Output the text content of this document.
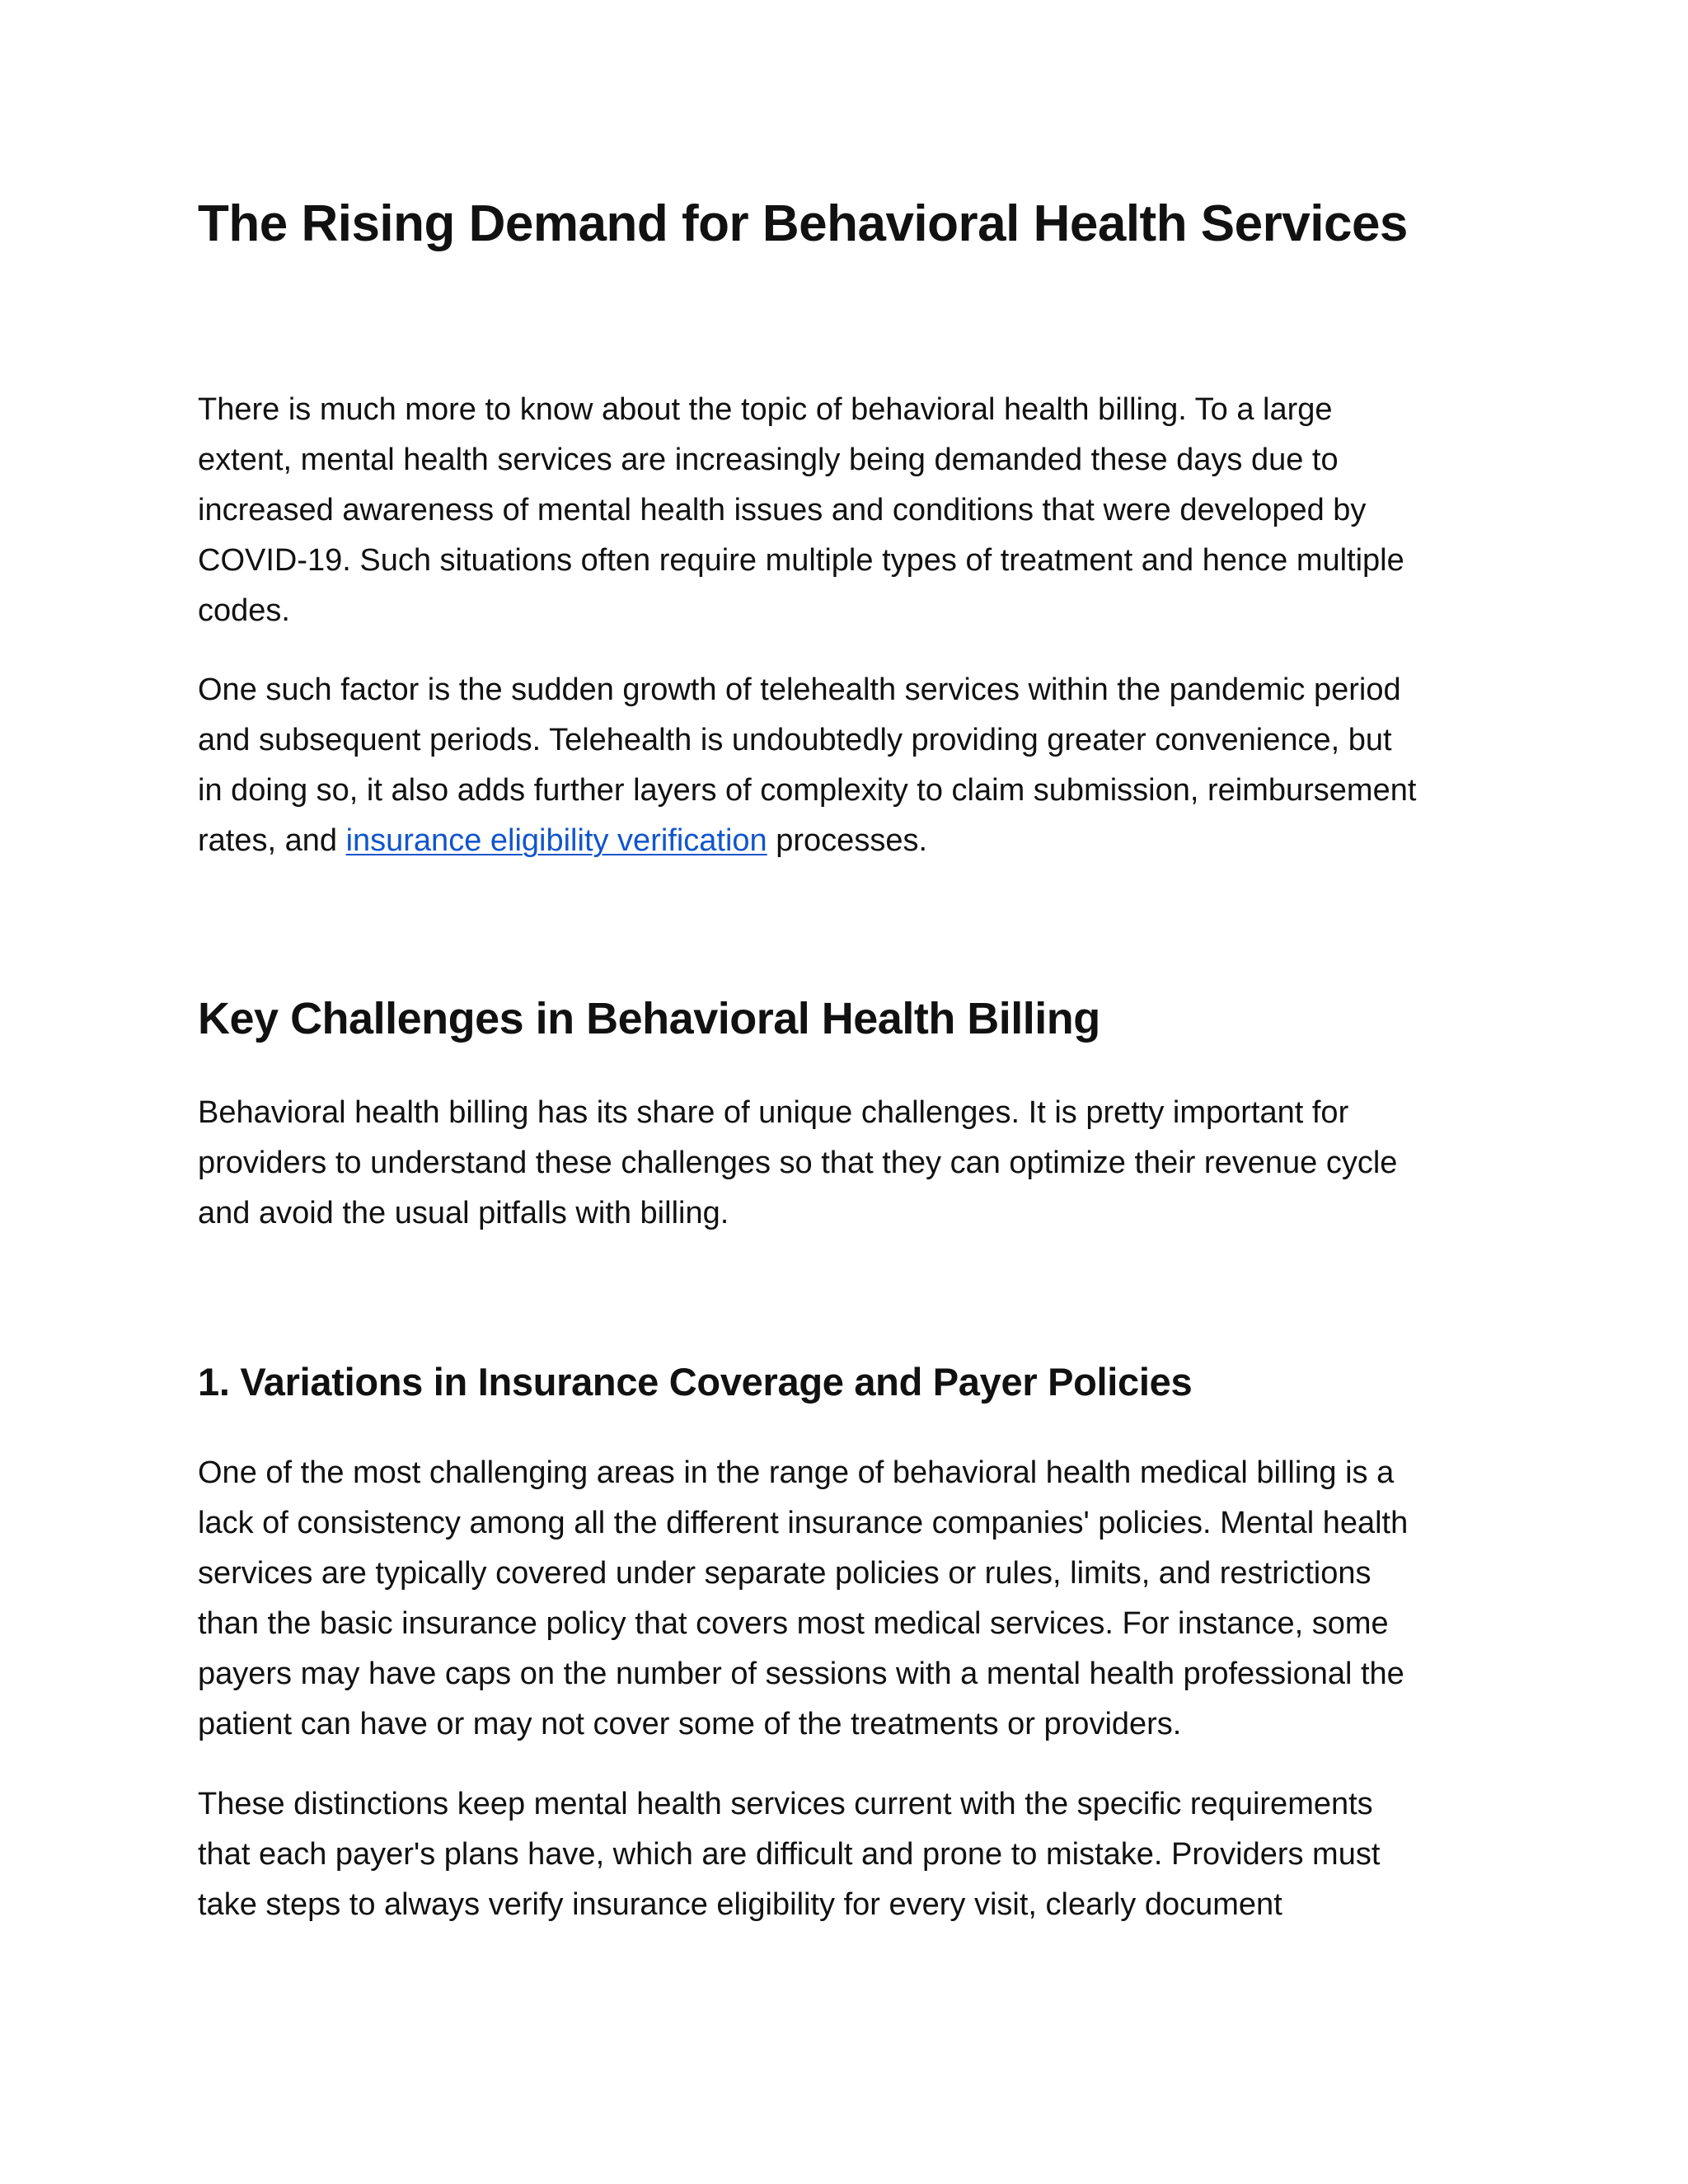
The Rising Demand for Behavioral Health Services
There is much more to know about the topic of behavioral health billing. To a large
extent, mental health services are increasingly being demanded these days due to
increased awareness of mental health issues and conditions that were developed by
COVID-19. Such situations often require multiple types of treatment and hence multiple
codes.
One such factor is the sudden growth of telehealth services within the pandemic period
and subsequent periods. Telehealth is undoubtedly providing greater convenience, but
in doing so, it also adds further layers of complexity to claim submission, reimbursement
rates, and insurance eligibility verification processes.
Key Challenges in Behavioral Health Billing
Behavioral health billing has its share of unique challenges. It is pretty important for
providers to understand these challenges so that they can optimize their revenue cycle
and avoid the usual pitfalls with billing.
1. Variations in Insurance Coverage and Payer Policies
One of the most challenging areas in the range of behavioral health medical billing is a
lack of consistency among all the different insurance companies' policies. Mental health
services are typically covered under separate policies or rules, limits, and restrictions
than the basic insurance policy that covers most medical services. For instance, some
payers may have caps on the number of sessions with a mental health professional the
patient can have or may not cover some of the treatments or providers.
These distinctions keep mental health services current with the specific requirements
that each payer's plans have, which are difficult and prone to mistake. Providers must
take steps to always verify insurance eligibility for every visit, clearly document
